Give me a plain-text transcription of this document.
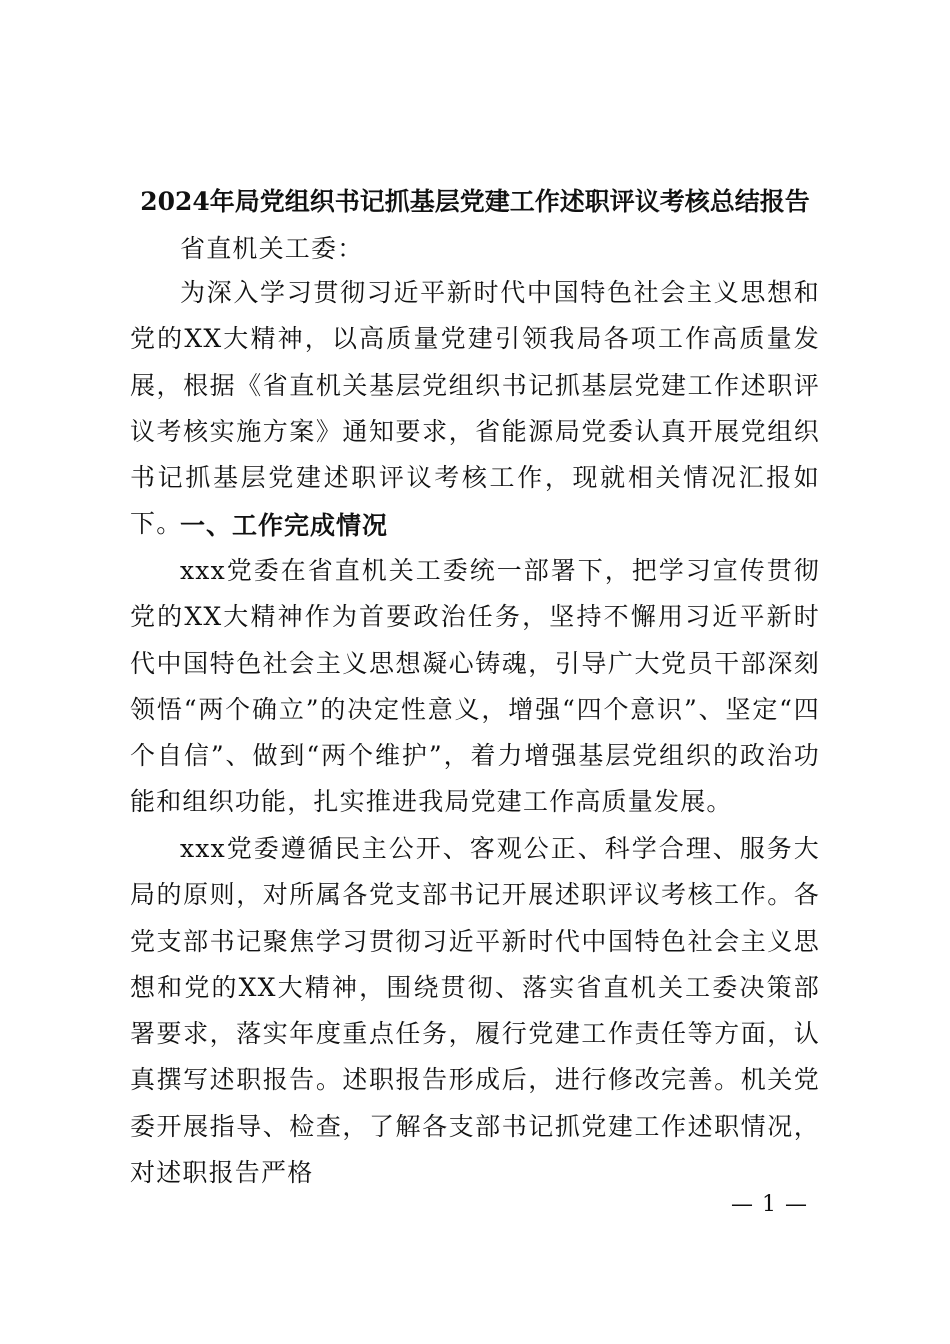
2024年局党组织书记抓基层党建工作述职评议考核总结报告
省直机关工委：
为深入学习贯彻习近平新时代中国特色社会主义思想和党的XX大精神，以高质量党建引领我局各项工作高质量发展，根据《省直机关基层党组织书记抓基层党建工作述职评议考核实施方案》通知要求，省能源局党委认真开展党组织书记抓基层党建述职评议考核工作，现就相关情况汇报如下。
一、工作完成情况
xxx党委在省直机关工委统一部署下，把学习宣传贯彻党的XX大精神作为首要政治任务，坚持不懈用习近平新时代中国特色社会主义思想凝心铸魂，引导广大党员干部深刻领悟“两个确立”的决定性意义，增强“四个意识”、坚定“四个自信”、做到“两个维护”，着力增强基层党组织的政治功能和组织功能，扎实推进我局党建工作高质量发展。
xxx党委遵循民主公开、客观公正、科学合理、服务大局的原则，对所属各党支部书记开展述职评议考核工作。各党支部书记聚焦学习贯彻习近平新时代中国特色社会主义思想和党的XX大精神，围绕贯彻、落实省直机关工委决策部署要求，落实年度重点任务，履行党建工作责任等方面，认真撰写述职报告。述职报告形成后，进行修改完善。机关党委开展指导、检查，了解各支部书记抓党建工作述职情况，对述职报告严格
— 1 —
